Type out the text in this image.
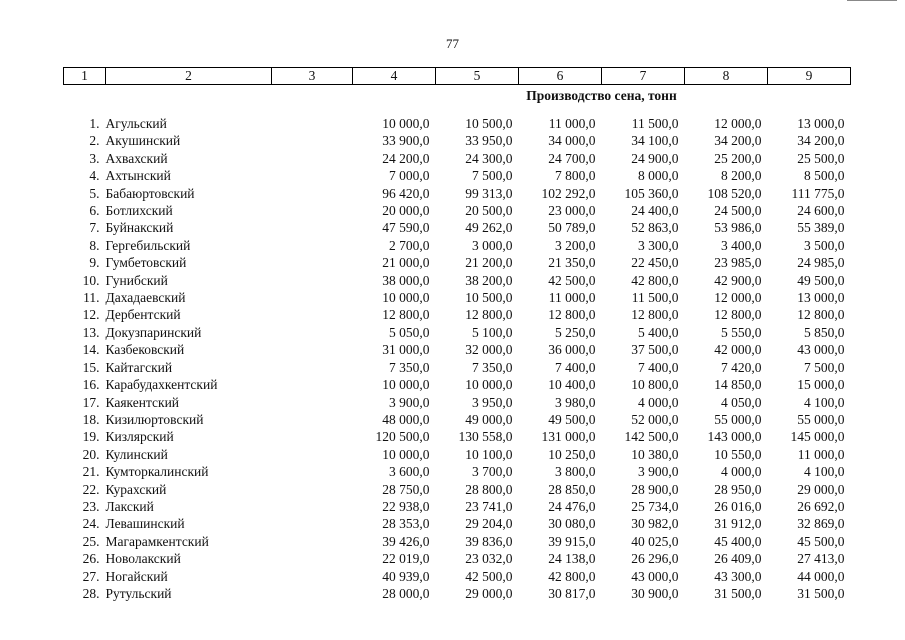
77
1	2	3	4	5	6	7	8	9
			Производство сена, тонн					

1.	Агульский		10 000,0	10 500,0	11 000,0	11 500,0	12 000,0	13 000,0
2.	Акушинский		33 900,0	33 950,0	34 000,0	34 100,0	34 200,0	34 200,0
3.	Ахвахский		24 200,0	24 300,0	24 700,0	24 900,0	25 200,0	25 500,0
4.	Ахтынский		7 000,0	7 500,0	7 800,0	8 000,0	8 200,0	8 500,0
5.	Бабаюртовский		96 420,0	99 313,0	102 292,0	105 360,0	108 520,0	111 775,0
6.	Ботлихский		20 000,0	20 500,0	23 000,0	24 400,0	24 500,0	24 600,0
7.	Буйнакский		47 590,0	49 262,0	50 789,0	52 863,0	53 986,0	55 389,0
8.	Гергебильский		2 700,0	3 000,0	3 200,0	3 300,0	3 400,0	3 500,0
9.	Гумбетовский		21 000,0	21 200,0	21 350,0	22 450,0	23 985,0	24 985,0
10.	Гунибский		38 000,0	38 200,0	42 500,0	42 800,0	42 900,0	49 500,0
11.	Дахадаевский		10 000,0	10 500,0	11 000,0	11 500,0	12 000,0	13 000,0
12.	Дербентский		12 800,0	12 800,0	12 800,0	12 800,0	12 800,0	12 800,0
13.	Докузпаринский		5 050,0	5 100,0	5 250,0	5 400,0	5 550,0	5 850,0
14.	Казбековский		31 000,0	32 000,0	36 000,0	37 500,0	42 000,0	43 000,0
15.	Кайтагский		7 350,0	7 350,0	7 400,0	7 400,0	7 420,0	7 500,0
16.	Карабудахкентский		10 000,0	10 000,0	10 400,0	10 800,0	14 850,0	15 000,0
17.	Каякентский		3 900,0	3 950,0	3 980,0	4 000,0	4 050,0	4 100,0
18.	Кизилюртовский		48 000,0	49 000,0	49 500,0	52 000,0	55 000,0	55 000,0
19.	Кизлярский		120 500,0	130 558,0	131 000,0	142 500,0	143 000,0	145 000,0
20.	Кулинский		10 000,0	10 100,0	10 250,0	10 380,0	10 550,0	11 000,0
21.	Кумторкалинский		3 600,0	3 700,0	3 800,0	3 900,0	4 000,0	4 100,0
22.	Курахский		28 750,0	28 800,0	28 850,0	28 900,0	28 950,0	29 000,0
23.	Лакский		22 938,0	23 741,0	24 476,0	25 734,0	26 016,0	26 692,0
24.	Левашинский		28 353,0	29 204,0	30 080,0	30 982,0	31 912,0	32 869,0
25.	Магарамкентский		39 426,0	39 836,0	39 915,0	40 025,0	45 400,0	45 500,0
26.	Новолакский		22 019,0	23 032,0	24 138,0	26 296,0	26 409,0	27 413,0
27.	Ногайский		40 939,0	42 500,0	42 800,0	43 000,0	43 300,0	44 000,0
28.	Рутульский		28 000,0	29 000,0	30 817,0	30 900,0	31 500,0	31 500,0
